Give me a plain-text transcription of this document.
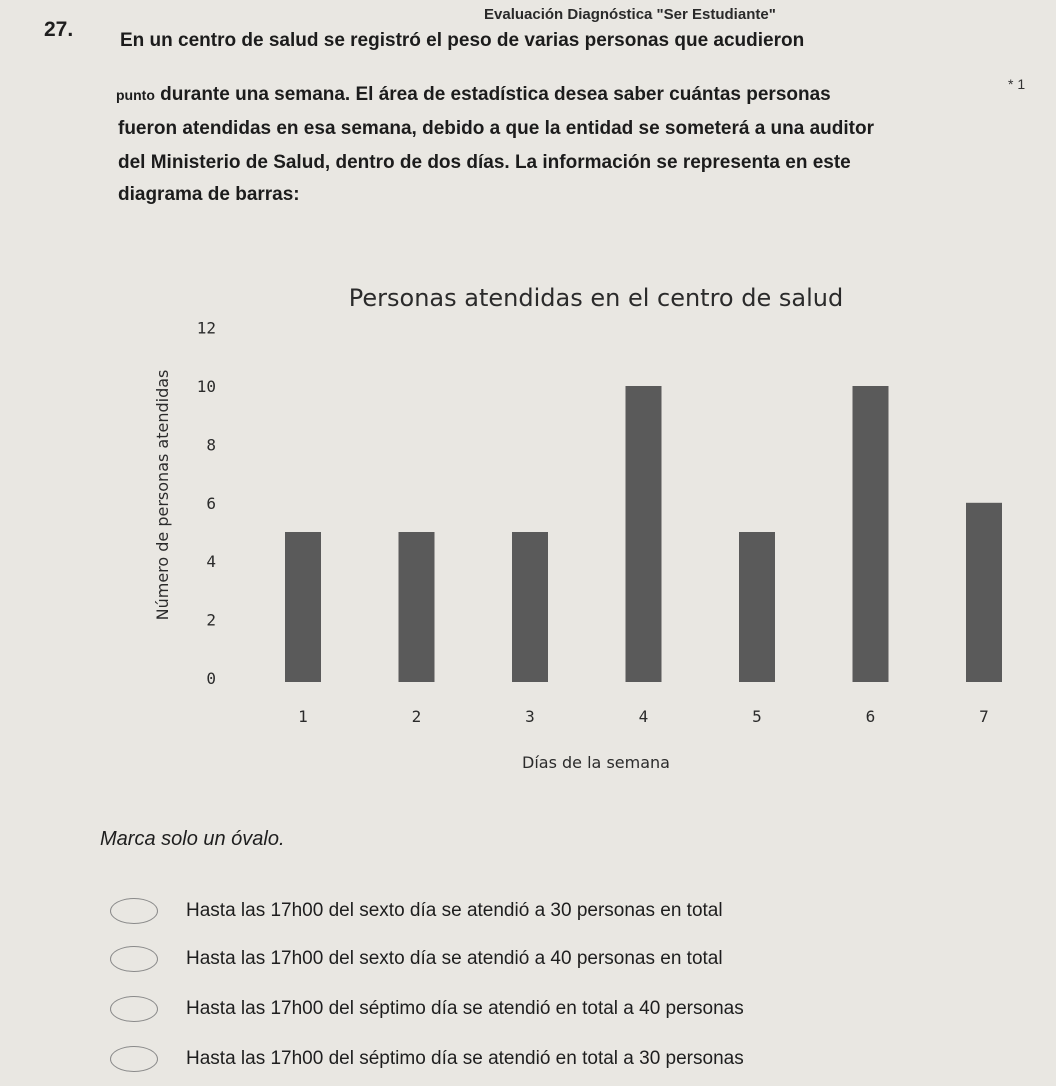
Evaluación Diagnóstica "Ser Estudiante"
27.
* 1
En un centro de salud se registró el peso de varias personas que acudieron
punto durante una semana. El área de estadística desea saber cuántas personas
fueron atendidas en esa semana, debido a que la entidad se someterá a una auditor
del Ministerio de Salud, dentro de dos días. La información se representa en este
diagrama de barras:
Personas atendidas en el centro de salud
Días de la semana
Número de personas atendidas
0
2
4
6
8
10
12
1	2	3	4	5	6	7
Marca solo un óvalo.
Hasta las 17h00 del sexto día se atendió a 30 personas en total
Hasta las 17h00 del sexto día se atendió a 40 personas en total
Hasta las 17h00 del séptimo día se atendió en total a 40 personas
Hasta las 17h00 del séptimo día se atendió en total a 30 personas
